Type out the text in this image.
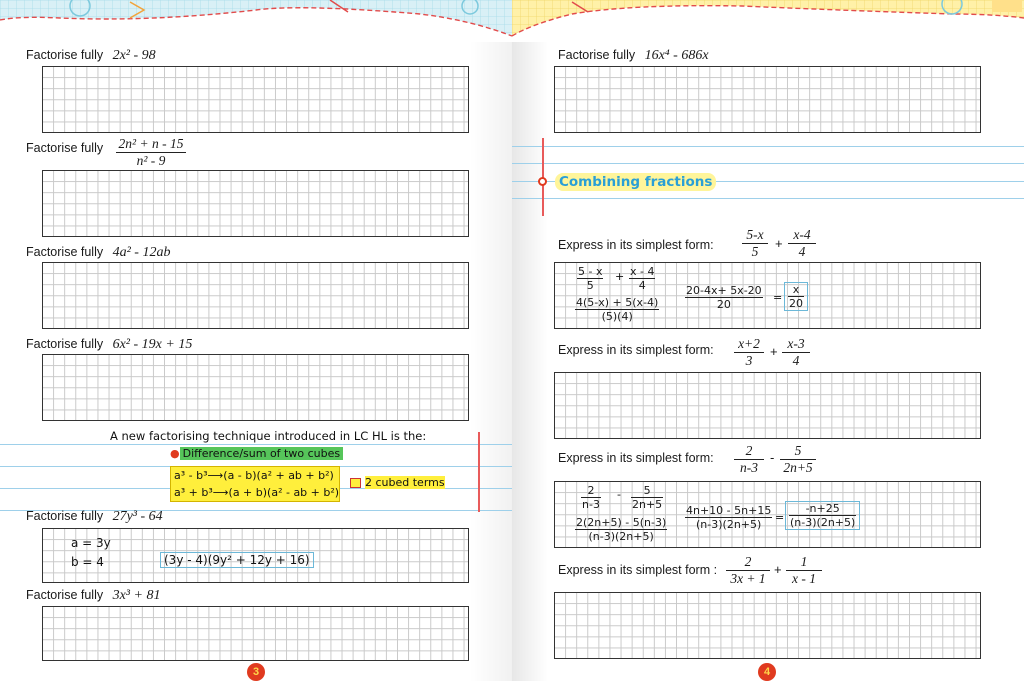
Factorise fully 2x² - 98
Factorise fully $\frac{\text{2n² + n - 15}}{\text{n² - 9}}$
Factorise fully 4a² - 12ab
Factorise fully 6x² - 19x + 15
A new factorising technique introduced in LC HL is the:
● Difference/sum of two cubes
a³ - b³⟶(a - b)(a² + ab + b²)
a³ + b³⟶(a + b)(a² - ab + b²)
2 cubed terms
Factorise fully 27y³ - 64
a = 3y
b = 4	(3y - 4)(9y² + 12y + 16)
Factorise fully 3x³ + 81
3
Factorise fully 16x⁴ - 686x
Combining fractions
Express in its simplest form: $\frac{5-x}{5} + \frac{x-4}{4}$
$\frac{5 - x}{5} + \frac{x - 4}{4}$
$\frac{4(5-x) + 5(x-4)}{(5)(4)} \frac{20-4x+ 5x-20}{20} = \frac{x}{20}$
Express in its simplest form: $\frac{x+2}{3} + \frac{x-3}{4}$
Express in its simplest form: $\frac{2}{n-3} - \frac{5}{2n+5}$
$\frac{2}{n-3} - \frac{5}{2n+5}$
$\frac{2(2n+5) - 5(n-3)}{(n-3)(2n+5)} \frac{4n+10 - 5n+15}{(n-3)(2n+5)} = \frac{-n+25}{(n-3)(2n+5)}$
Express in its simplest form : $\frac{2}{3x + 1} + \frac{1}{x - 1}$
4
